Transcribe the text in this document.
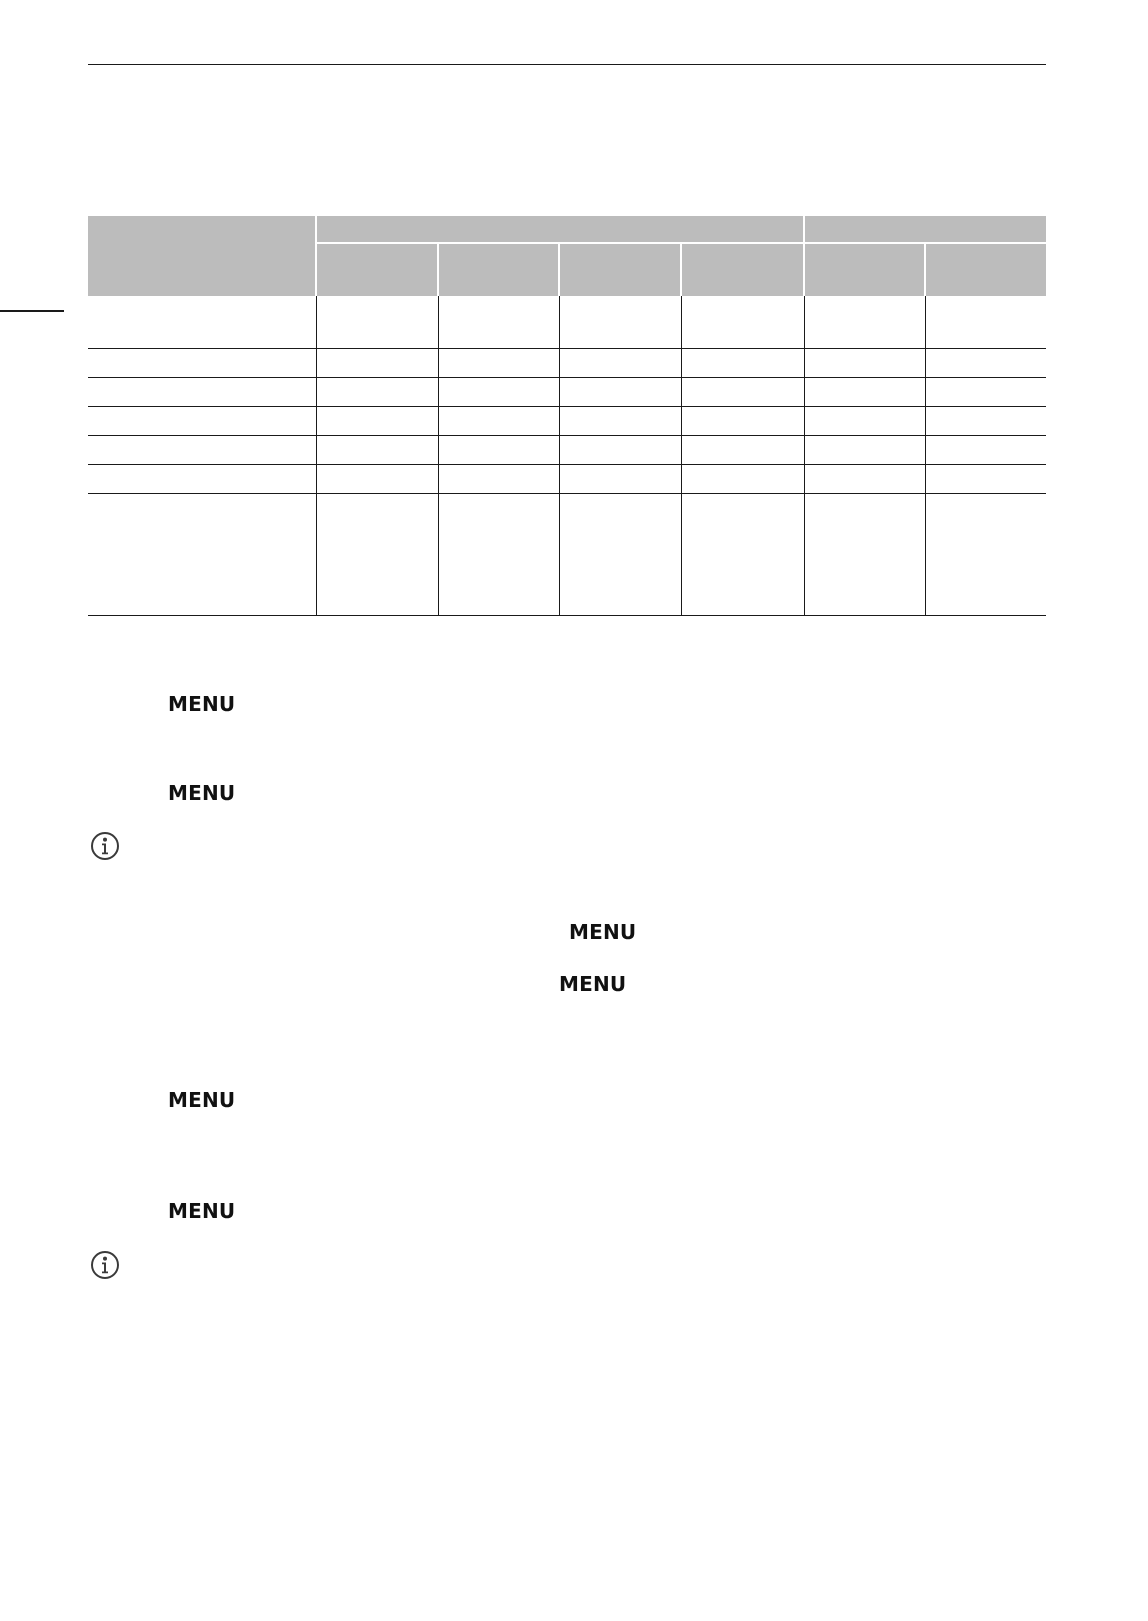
MENU
MENU
MENU
MENU
MENU
MENU
